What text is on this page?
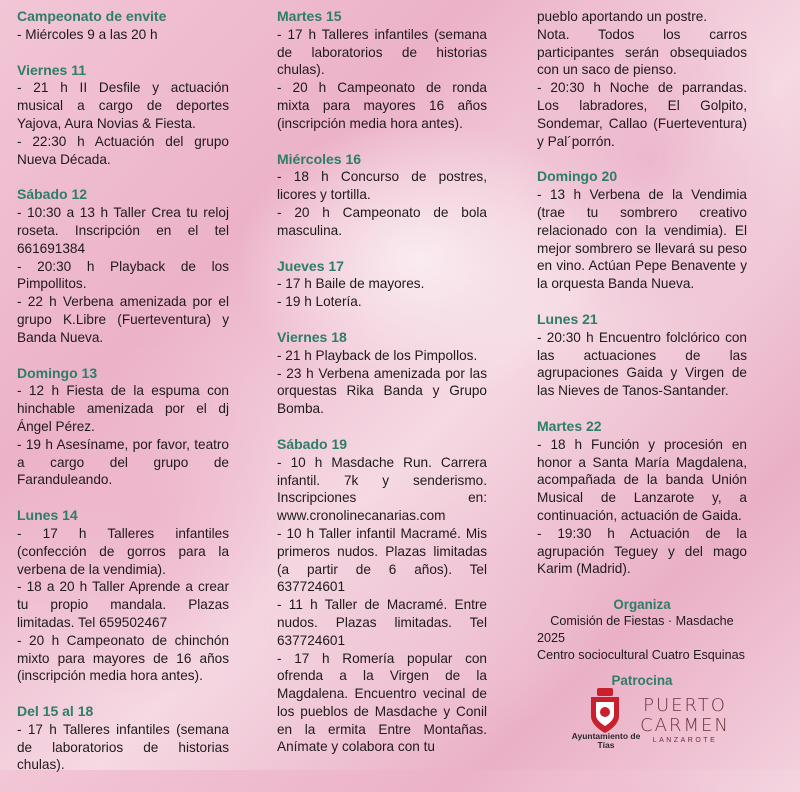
Campeonato de envite

- Miércoles 9 a las 20 h

Viernes 11

- 21 h II Desfile y actuación musical a cargo de deportes Yajova, Aura Novias & Fiesta.

- 22:30 h Actuación del grupo Nueva Década.

Sábado 12

- 10:30 a 13 h Taller Crea tu reloj roseta. Inscripción en el tel 661691384

- 20:30 h Playback de los Pimpollitos.

- 22 h Verbena amenizada por el grupo K.Libre (Fuerteventura) y Banda Nueva.

Domingo 13

- 12 h Fiesta de la espuma con hinchable amenizada por el dj Ángel Pérez.

- 19 h Asesíname, por favor, teatro a cargo del grupo de Faranduleando.

Lunes 14

- 17 h Talleres infantiles (confección de gorros para la verbena de la vendimia).

- 18 a 20 h Taller Aprende a crear tu propio mandala. Plazas limitadas. Tel 659502467

- 20 h Campeonato de chinchón mixto para mayores de 16 años (inscripción media hora antes).

Del 15 al 18

- 17 h Talleres infantiles (semana de laboratorios de historias chulas).

Martes 15

- 17 h Talleres infantiles (semana de laboratorios de historias chulas).

- 20 h Campeonato de ronda mixta para mayores 16 años (inscripción media hora antes).

Miércoles 16

- 18 h Concurso de postres, licores y tortilla.

- 20 h Campeonato de bola masculina.

Jueves 17

- 17 h Baile de mayores.

- 19 h Lotería.

Viernes 18

- 21 h Playback de los Pimpollos.

- 23 h Verbena amenizada por las orquestas Rika Banda y Grupo Bomba.

Sábado 19

- 10 h Masdache Run. Carrera infantil. 7k y senderismo. Inscripciones en: www.cronolinecanarias.com

- 10 h Taller infantil Macramé. Mis primeros nudos. Plazas limitadas (a partir de 6 años). Tel 637724601

- 11 h Taller de Macramé. Entre nudos. Plazas limitadas. Tel 637724601

- 17 h Romería popular con ofrenda a la Virgen de la Magdalena. Encuentro vecinal de los pueblos de Masdache y Conil en la ermita Entre Montañas. Anímate y colabora con tu

pueblo aportando un postre.

Nota. Todos los carros participantes serán obsequiados con un saco de pienso.

- 20:30 h Noche de parrandas. Los labradores, El Golpito, Sondemar, Callao (Fuerteventura) y Pal´porrón.

Domingo 20

- 13 h Verbena de la Vendimia (trae tu sombrero creativo relacionado con la vendimia). El mejor sombrero se llevará su peso en vino. Actúan Pepe Benavente y la orquesta Banda Nueva.

Lunes 21

- 20:30 h Encuentro folclórico con las actuaciones de las agrupaciones Gaida y Virgen de las Nieves de Tanos-Santander.

Martes 22

- 18 h Función y procesión en honor a Santa María Magdalena, acompañada de la banda Unión Musical de Lanzarote y, a continuación, actuación de Gaida.

- 19:30 h Actuación de la agrupación Teguey y del mago Karim (Madrid).

Organiza

Comisión de Fiestas · Masdache 2025

Centro sociocultural Cuatro Esquinas

Patrocina

Ayuntamiento de Tías
PUERTO
CARMEN
LANZAROTE
